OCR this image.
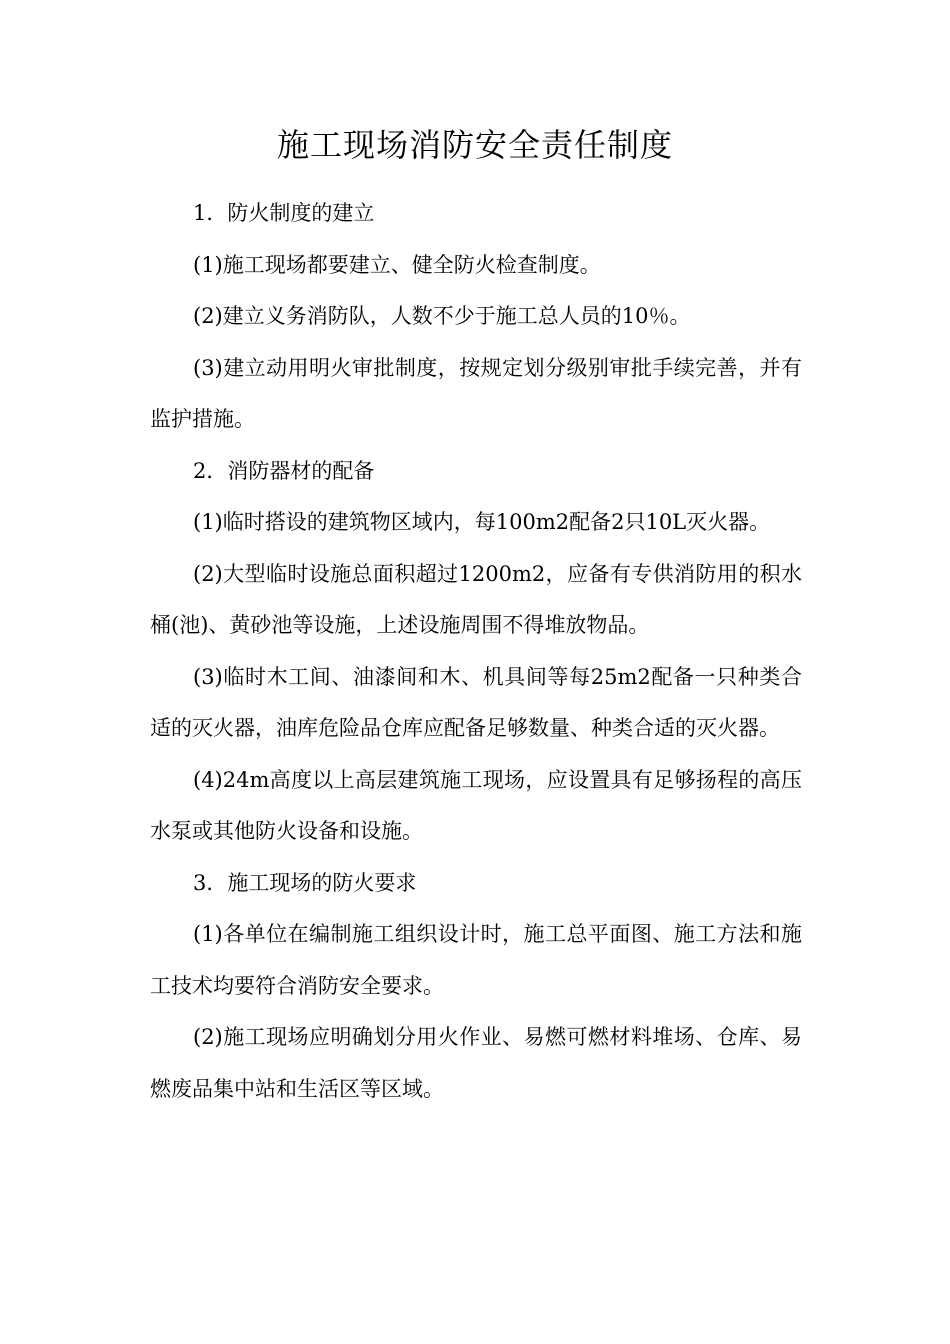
施工现场消防安全责任制度

1．防火制度的建立

(1)施工现场都要建立、健全防火检查制度。

(2)建立义务消防队，人数不少于施工总人员的10％。

(3)建立动用明火审批制度，按规定划分级别审批手续完善，并有监护措施。

2．消防器材的配备

(1)临时搭设的建筑物区域内，每100m2配备2只10L灭火器。

(2)大型临时设施总面积超过1200m2，应备有专供消防用的积水桶(池)、黄砂池等设施，上述设施周围不得堆放物品。

(3)临时木工间、油漆间和木、机具间等每25m2配备一只种类合适的灭火器，油库危险品仓库应配备足够数量、种类合适的灭火器。

(4)24m高度以上高层建筑施工现场，应设置具有足够扬程的高压水泵或其他防火设备和设施。

3．施工现场的防火要求

(1)各单位在编制施工组织设计时，施工总平面图、施工方法和施工技术均要符合消防安全要求。

(2)施工现场应明确划分用火作业、易燃可燃材料堆场、仓库、易燃废品集中站和生活区等区域。
